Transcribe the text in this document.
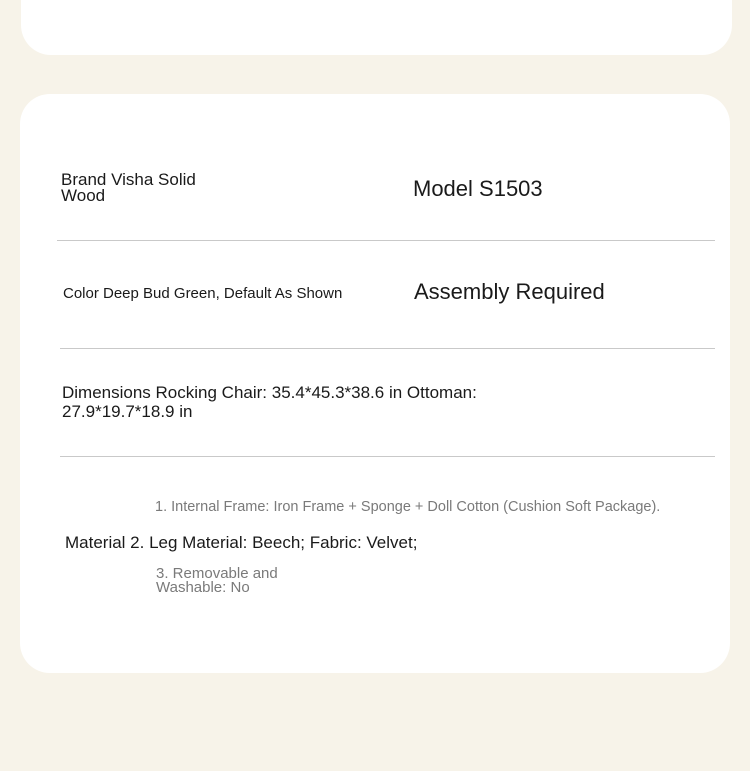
Brand Visha Solid Wood	Model S1503
Color Deep Bud Green, Default As Shown	Assembly Required
Dimensions Rocking Chair: 35.4*45.3*38.6 in Ottoman: 27.9*19.7*18.9 in
1. Internal Frame: Iron Frame + Sponge + Doll Cotton (Cushion Soft Package).
Material 2. Leg Material: Beech; Fabric: Velvet;
3. Removable and Washable: No
